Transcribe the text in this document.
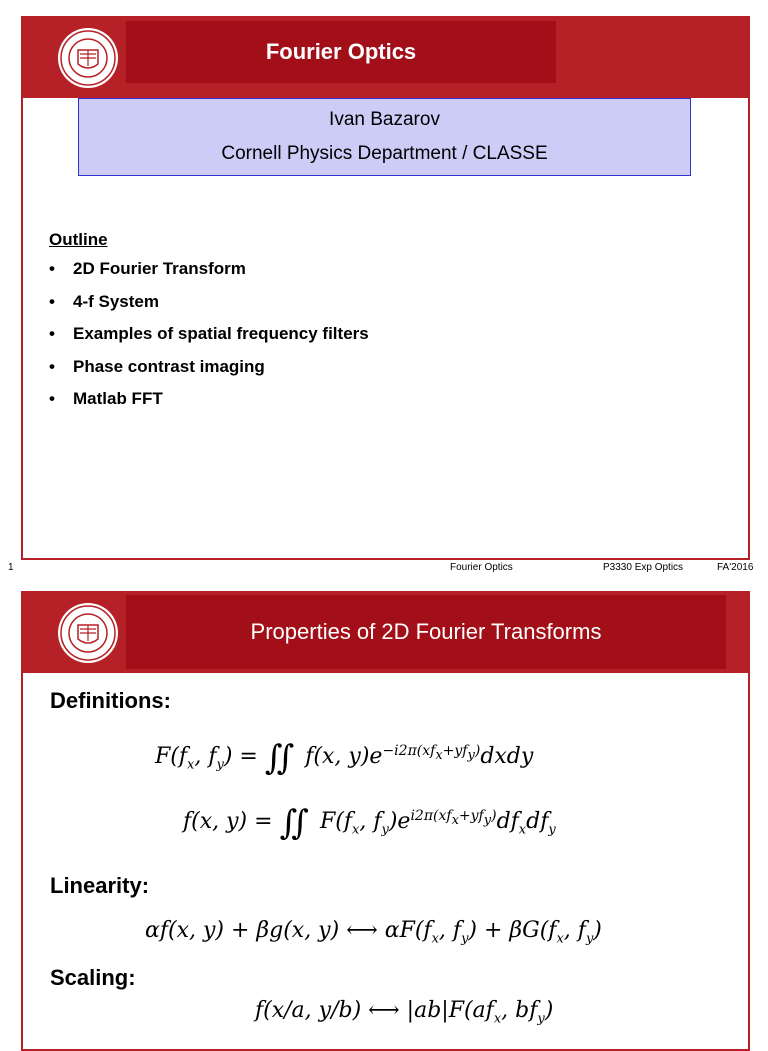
Fourier Optics
Ivan Bazarov
Cornell Physics Department / CLASSE
Outline
•	2D Fourier Transform
•	4-f System
•	Examples of spatial frequency filters
•	Phase contrast imaging
•	Matlab FFT
1	Fourier Optics	P3330 Exp Optics	FA'2016
Properties of 2D Fourier Transforms
Definitions:
$F(f_x$, $f_y$) = ∫∫ f(x, $y)e^{-i2\pi(xf_x+yf_y)}dxdy$
f(x, y) = ∫∫ $F(f_x$, $f_y)e^{i2\pi(xf_x+yf_y)}df_xdf_y$
Linearity:
αf(x, y) + βg(x, y) ⟷ $\alpha F(f_x$, $f_y) + \beta G(f_x$, $f_y$)
Scaling:
f(x/a, y/b) ⟷ $|ab|F(af_x$, $bf_y$)
